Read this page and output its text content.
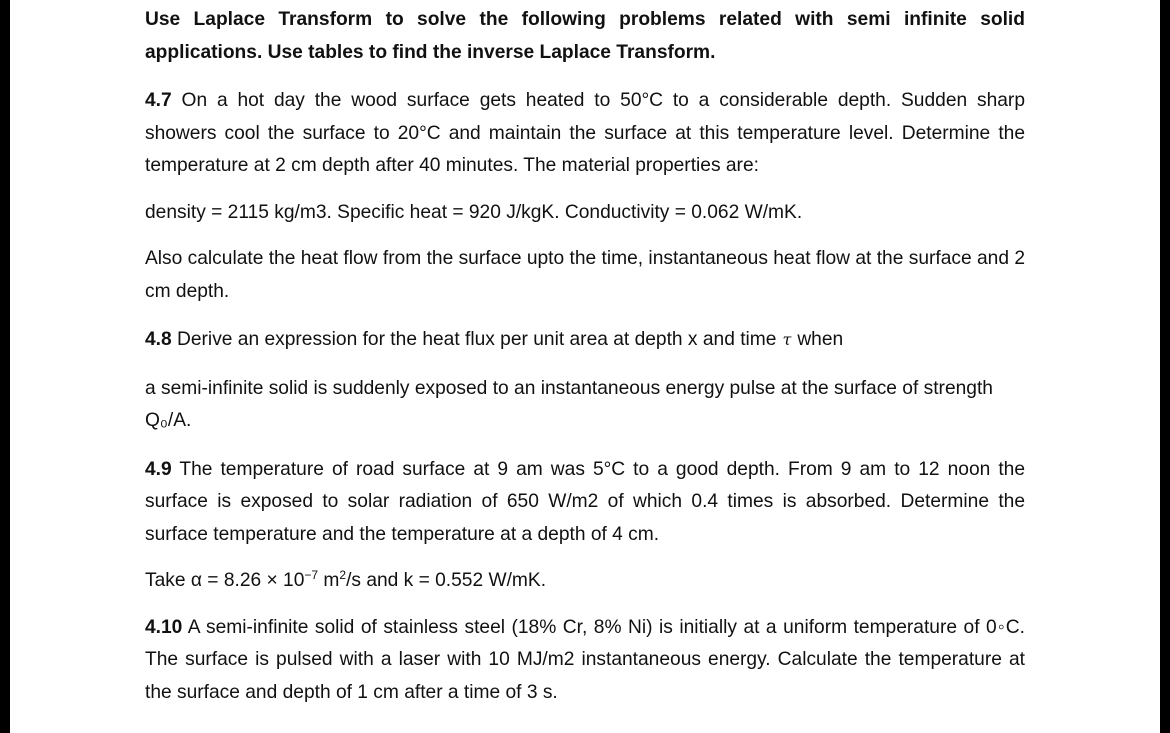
Use Laplace Transform to solve the following problems related with semi infinite solid applications. Use tables to find the inverse Laplace Transform.

4.7 On a hot day the wood surface gets heated to 50°C to a considerable depth. Sudden sharp showers cool the surface to 20°C and maintain the surface at this temperature level. Determine the temperature at 2 cm depth after 40 minutes. The material properties are:

density = 2115 kg/m3. Specific heat = 920 J/kgK. Conductivity = 0.062 W/mK.

Also calculate the heat flow from the surface upto the time, instantaneous heat flow at the surface and 2 cm depth.

4.8 Derive an expression for the heat flux per unit area at depth x and time τ when

a semi-infinite solid is suddenly exposed to an instantaneous energy pulse at the surface of strength Q₀/A.

4.9 The temperature of road surface at 9 am was 5°C to a good depth. From 9 am to 12 noon the surface is exposed to solar radiation of 650 W/m2 of which 0.4 times is absorbed. Determine the surface temperature and the temperature at a depth of 4 cm.

Take $\alpha = 8.26 \times 10^{-7}$ $m^2/s$ and k = 0.552 W/mK.

4.10 A semi-infinite solid of stainless steel (18% Cr, 8% Ni) is initially at a uniform temperature of 0◦C. The surface is pulsed with a laser with 10 MJ/m2 instantaneous energy. Calculate the temperature at the surface and depth of 1 cm after a time of 3 s.
